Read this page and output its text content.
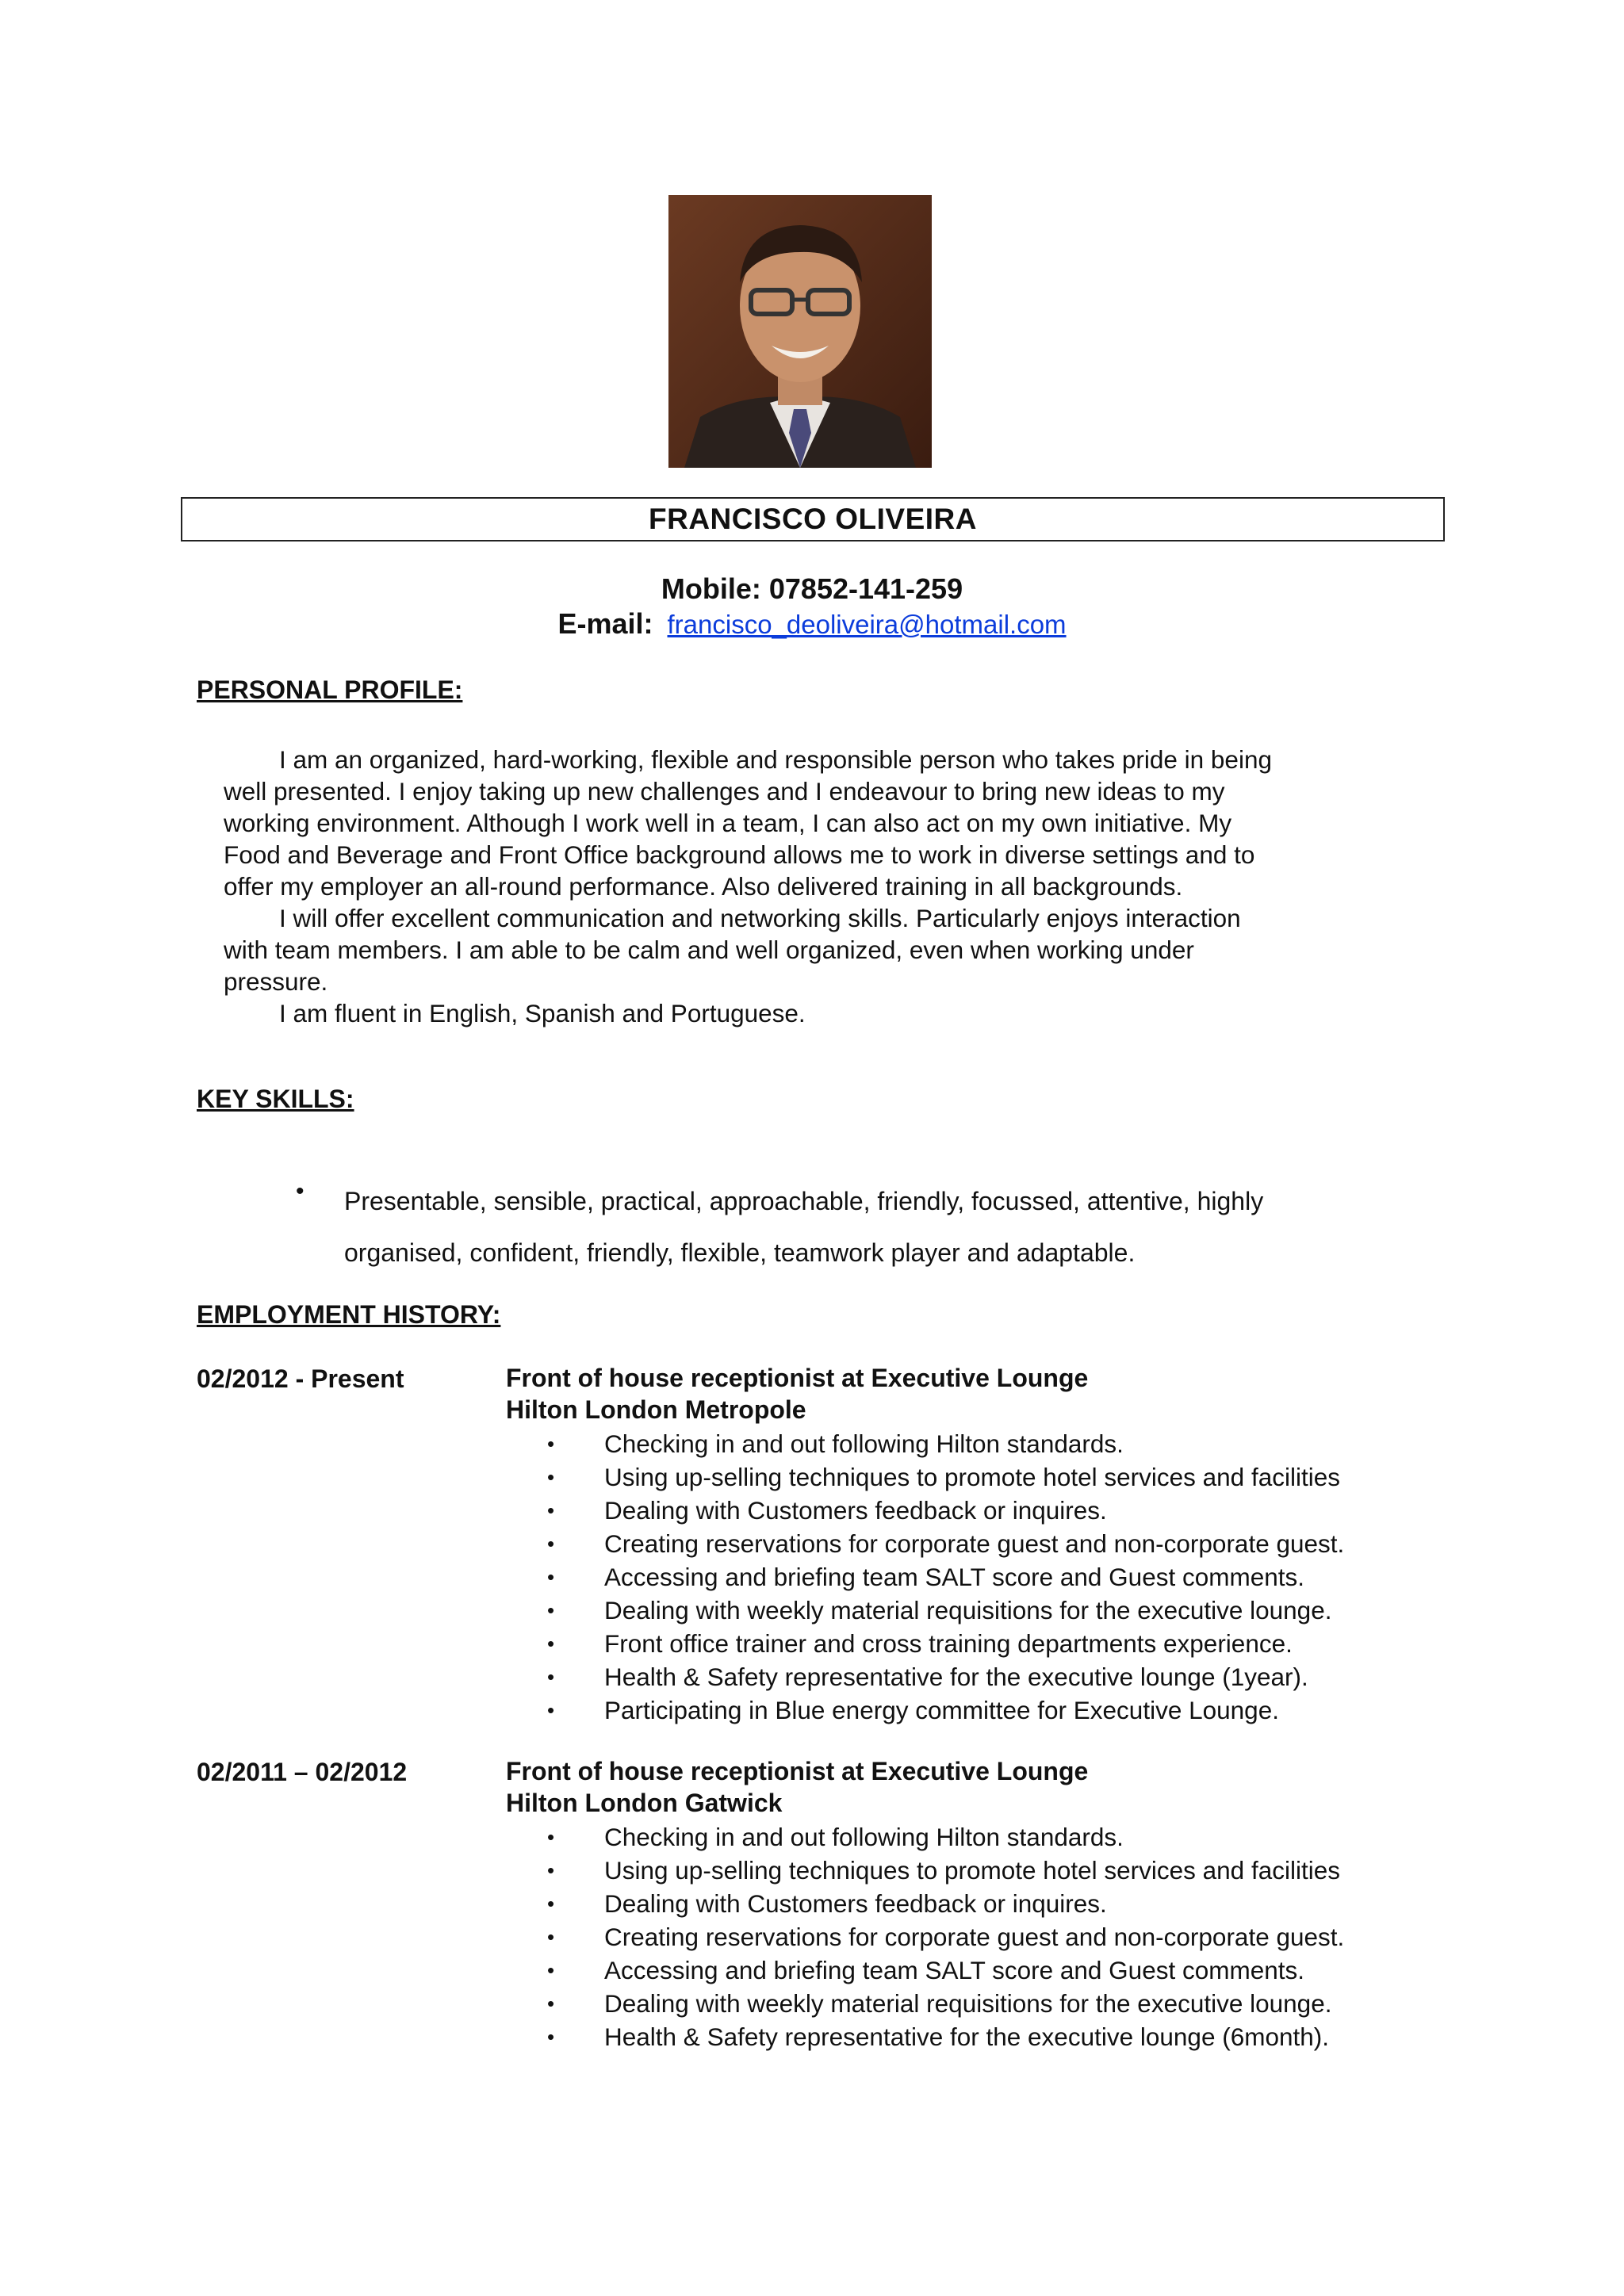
FRANCISCO OLIVEIRA
Mobile: 07852-141-259
E-mail: francisco_deoliveira@hotmail.com
PERSONAL PROFILE:

I am an organized, hard-working, flexible and responsible person who takes pride in being

well presented. I enjoy taking up new challenges and I endeavour to bring new ideas to my

working environment. Although I work well in a team, I can also act on my own initiative. My

Food and Beverage and Front Office background allows me to work in diverse settings and to

offer my employer an all-round performance. Also delivered training in all backgrounds.

I will offer excellent communication and networking skills. Particularly enjoys interaction

with team members. I am able to be calm and well organized, even when working under

pressure.

I am fluent in English, Spanish and Portuguese.

KEY SKILLS:
• Presentable, sensible, practical, approachable, friendly, focussed, attentive, highly organised, confident, friendly, flexible, teamwork player and adaptable.
EMPLOYMENT HISTORY:
02/2012 - Present	Front of house receptionist at Executive Lounge
Hilton London Metropole
• Checking in and out following Hilton standards.
• Using up-selling techniques to promote hotel services and facilities
• Dealing with Customers feedback or inquires.
• Creating reservations for corporate guest and non-corporate guest.
• Accessing and briefing team SALT score and Guest comments.
• Dealing with weekly material requisitions for the executive lounge.
• Front office trainer and cross training departments experience.
• Health & Safety representative for the executive lounge (1year).
• Participating in Blue energy committee for Executive Lounge.
02/2011 – 02/2012	Front of house receptionist at Executive Lounge
Hilton London Gatwick
• Checking in and out following Hilton standards.
• Using up-selling techniques to promote hotel services and facilities
• Dealing with Customers feedback or inquires.
• Creating reservations for corporate guest and non-corporate guest.
• Accessing and briefing team SALT score and Guest comments.
• Dealing with weekly material requisitions for the executive lounge.
• Health & Safety representative for the executive lounge (6month).
